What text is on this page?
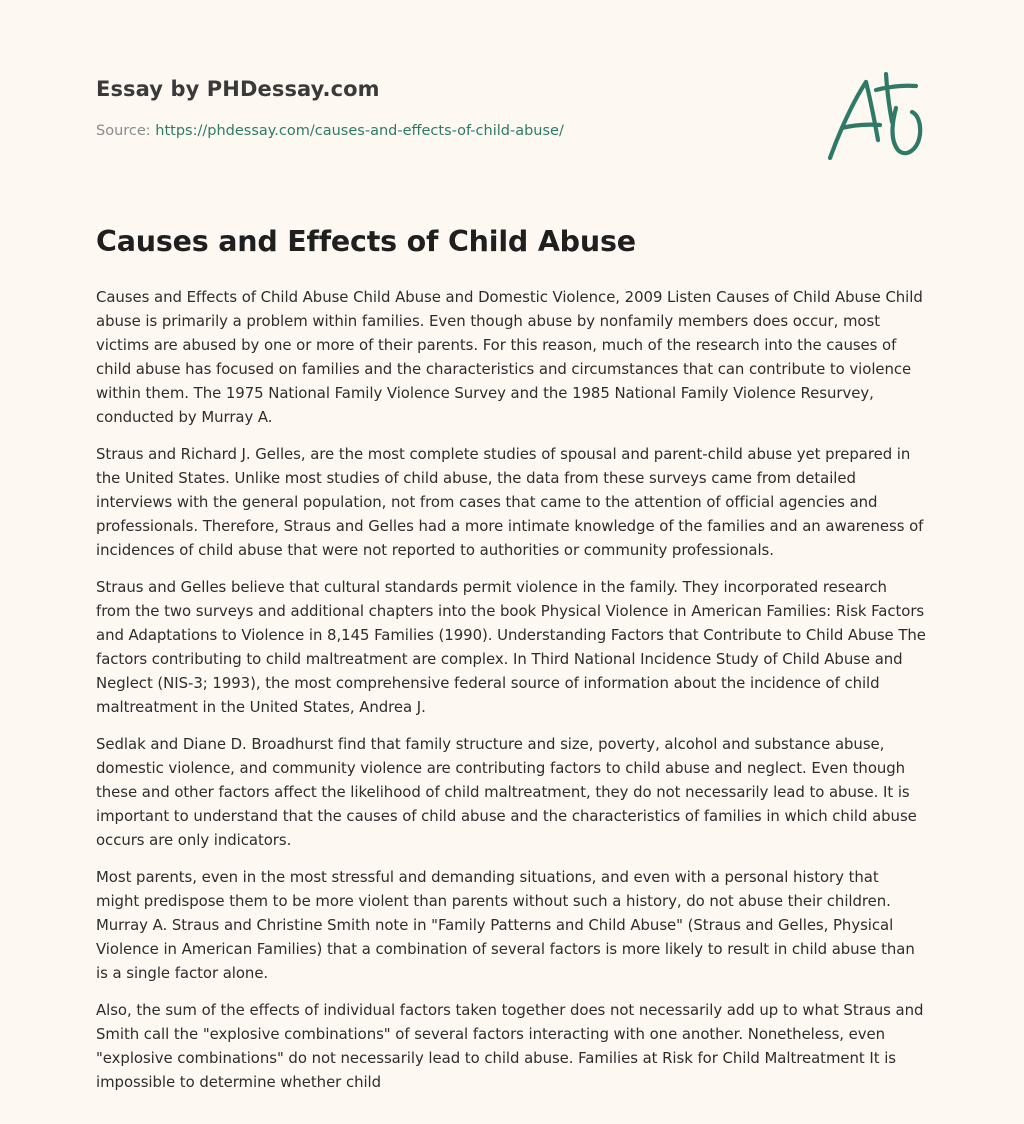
Essay by PHDessay.com
Source: https://phdessay.com/causes-and-effects-of-child-abuse/
Causes and Effects of Child Abuse

Causes and Effects of Child Abuse Child Abuse and Domestic Violence, 2009 Listen Causes of Child Abuse Child abuse is primarily a problem within families. Even though abuse by nonfamily members does occur, most victims are abused by one or more of their parents. For this reason, much of the research into the causes of child abuse has focused on families and the characteristics and circumstances that can contribute to violence within them. The 1975 National Family Violence Survey and the 1985 National Family Violence Resurvey, conducted by Murray A.

Straus and Richard J. Gelles, are the most complete studies of spousal and parent-child abuse yet prepared in the United States. Unlike most studies of child abuse, the data from these surveys came from detailed interviews with the general population, not from cases that came to the attention of official agencies and professionals. Therefore, Straus and Gelles had a more intimate knowledge of the families and an awareness of incidences of child abuse that were not reported to authorities or community professionals.

Straus and Gelles believe that cultural standards permit violence in the family. They incorporated research from the two surveys and additional chapters into the book Physical Violence in American Families: Risk Factors and Adaptations to Violence in 8,145 Families (1990). Understanding Factors that Contribute to Child Abuse The factors contributing to child maltreatment are complex. In Third National Incidence Study of Child Abuse and Neglect (NIS-3; 1993), the most comprehensive federal source of information about the incidence of child maltreatment in the United States, Andrea J.

Sedlak and Diane D. Broadhurst find that family structure and size, poverty, alcohol and substance abuse, domestic violence, and community violence are contributing factors to child abuse and neglect. Even though these and other factors affect the likelihood of child maltreatment, they do not necessarily lead to abuse. It is important to understand that the causes of child abuse and the characteristics of families in which child abuse occurs are only indicators.

Most parents, even in the most stressful and demanding situations, and even with a personal history that might predispose them to be more violent than parents without such a history, do not abuse their children. Murray A. Straus and Christine Smith note in "Family Patterns and Child Abuse" (Straus and Gelles, Physical Violence in American Families) that a combination of several factors is more likely to result in child abuse than is a single factor alone.

Also, the sum of the effects of individual factors taken together does not necessarily add up to what Straus and Smith call the "explosive combinations" of several factors interacting with one another. Nonetheless, even "explosive combinations" do not necessarily lead to child abuse. Families at Risk for Child Maltreatment It is impossible to determine whether child
